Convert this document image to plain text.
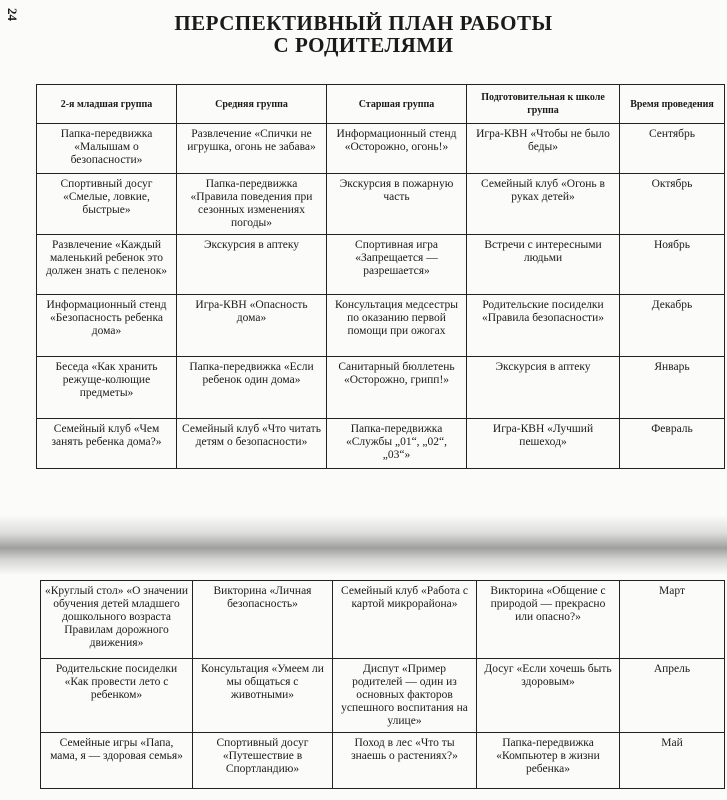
24	ПЕРСПЕКТИВНЫЙ ПЛАН РАБОТЫ
С РОДИТЕЛЯМИ
2-я младшая группа	Средняя группа	Старшая группа	Подготовительная к школе группа	Время проведения
Папка-передвижка «Малышам о безопасности»	Развлечение «Спички не игрушка, огонь не забава»	Информационный стенд «Осторожно, огонь!»	Игра-КВН «Чтобы не было беды»	Сентябрь
Спортивный досуг «Смелые, ловкие, быстрые»	Папка-передвижка «Правила поведения при сезонных изменениях погоды»	Экскурсия в пожарную часть	Семейный клуб «Огонь в руках детей»	Октябрь
Развлечение «Каждый маленький ребенок это должен знать с пеленок»	Экскурсия в аптеку	Спортивная игра «Запрещается — разрешается»	Встречи с интересными людьми	Ноябрь
Информационный стенд «Безопасность ребенка дома»	Игра-КВН «Опасность дома»	Консультация медсестры по оказанию первой помощи при ожогах	Родительские посиделки «Правила безопасности»	Декабрь
Беседа «Как хранить режуще-колющие предметы»	Папка-передвижка «Если ребенок один дома»	Санитарный бюллетень «Осторожно, грипп!»	Экскурсия в аптеку	Январь
Семейный клуб «Чем занять ребенка дома?»	Семейный клуб «Что читать детям о безопасности»	Папка-передвижка «Службы „01“, „02“, „03“»	Игра-КВН «Лучший пешеход»	Февраль
«Круглый стол» «О значении обучения детей младшего дошкольного возраста Правилам дорожного движения»	Викторина «Личная безопасность»	Семейный клуб «Работа с картой микрорайона»	Викторина «Общение с природой — прекрасно или опасно?»	Март
Родительские посиделки «Как провести лето с ребенком»	Консультация «Умеем ли мы общаться с животными»	Диспут «Пример родителей — один из основных факторов успешного воспитания на улице»	Досуг «Если хочешь быть здоровым»	Апрель
Семейные игры «Папа, мама, я — здоровая семья»	Спортивный досуг «Путешествие в Спортландию»	Поход в лес «Что ты знаешь о растениях?»	Папка-передвижка «Компьютер в жизни ребенка»	Май
